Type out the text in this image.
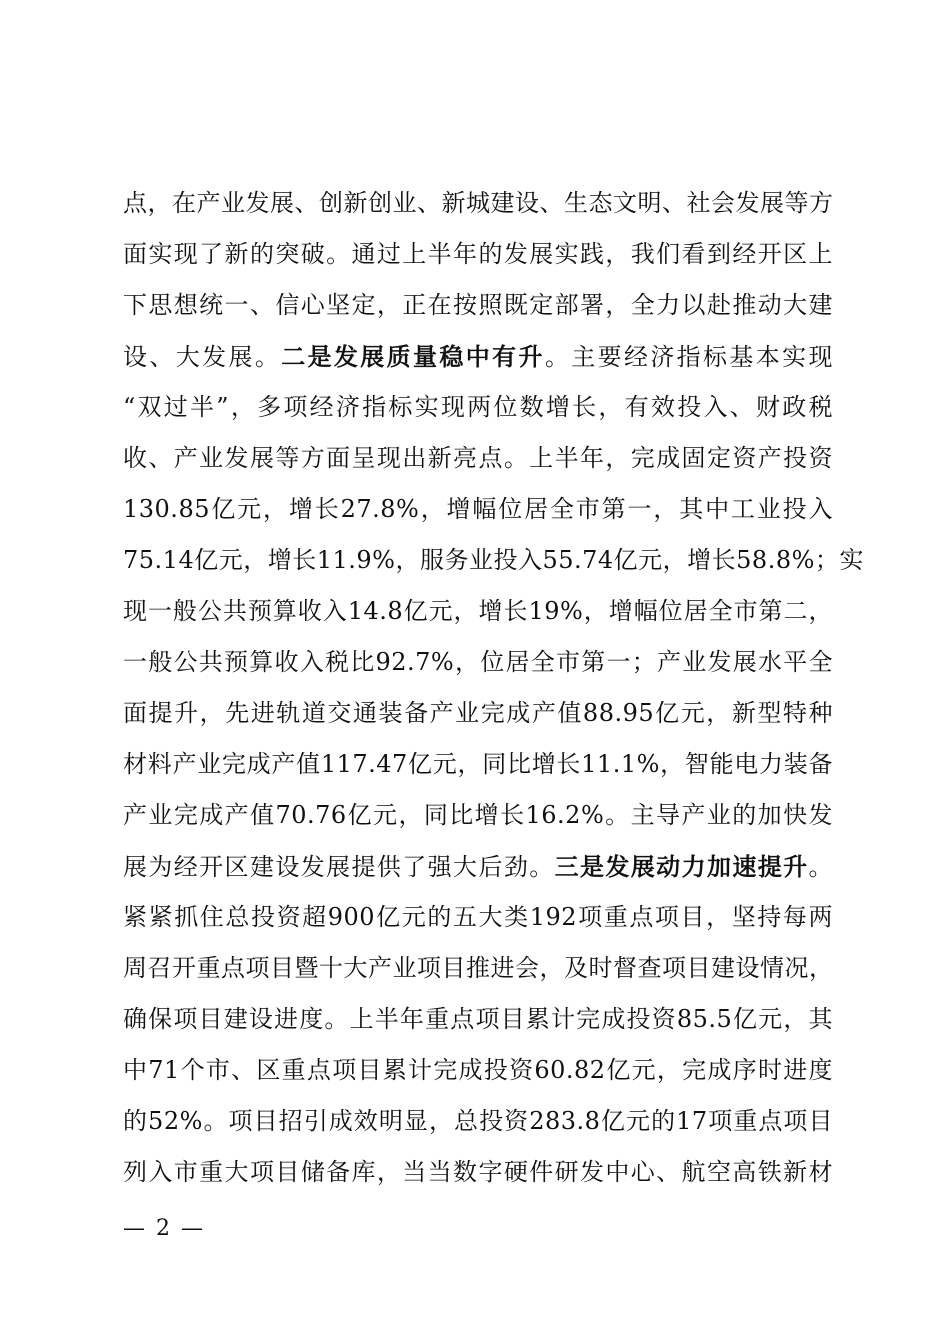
点，在产业发展、创新创业、新城建设、生态文明、社会发展等方
面实现了新的突破。通过上半年的发展实践，我们看到经开区上
下思想统一、信心坚定，正在按照既定部署，全力以赴推动大建
设、大发展。二是发展质量稳中有升。主要经济指标基本实现
“双过半”，多项经济指标实现两位数增长，有效投入、财政税
收、产业发展等方面呈现出新亮点。上半年，完成固定资产投资
130.85亿元，增长27.8%，增幅位居全市第一，其中工业投入
75.14亿元，增长11.9%，服务业投入55.74亿元，增长58.8%；实
现一般公共预算收入14.8亿元，增长19%，增幅位居全市第二，
一般公共预算收入税比92.7%，位居全市第一；产业发展水平全
面提升，先进轨道交通装备产业完成产值88.95亿元，新型特种
材料产业完成产值117.47亿元，同比增长11.1%，智能电力装备
产业完成产值70.76亿元，同比增长16.2%。主导产业的加快发
展为经开区建设发展提供了强大后劲。三是发展动力加速提升。
紧紧抓住总投资超900亿元的五大类192项重点项目，坚持每两
周召开重点项目暨十大产业项目推进会，及时督查项目建设情况，
确保项目建设进度。上半年重点项目累计完成投资85.5亿元，其
中71个市、区重点项目累计完成投资60.82亿元，完成序时进度
的52%。项目招引成效明显，总投资283.8亿元的17项重点项目
列入市重大项目储备库，当当数字硬件研发中心、航空高铁新材
— 2 —
